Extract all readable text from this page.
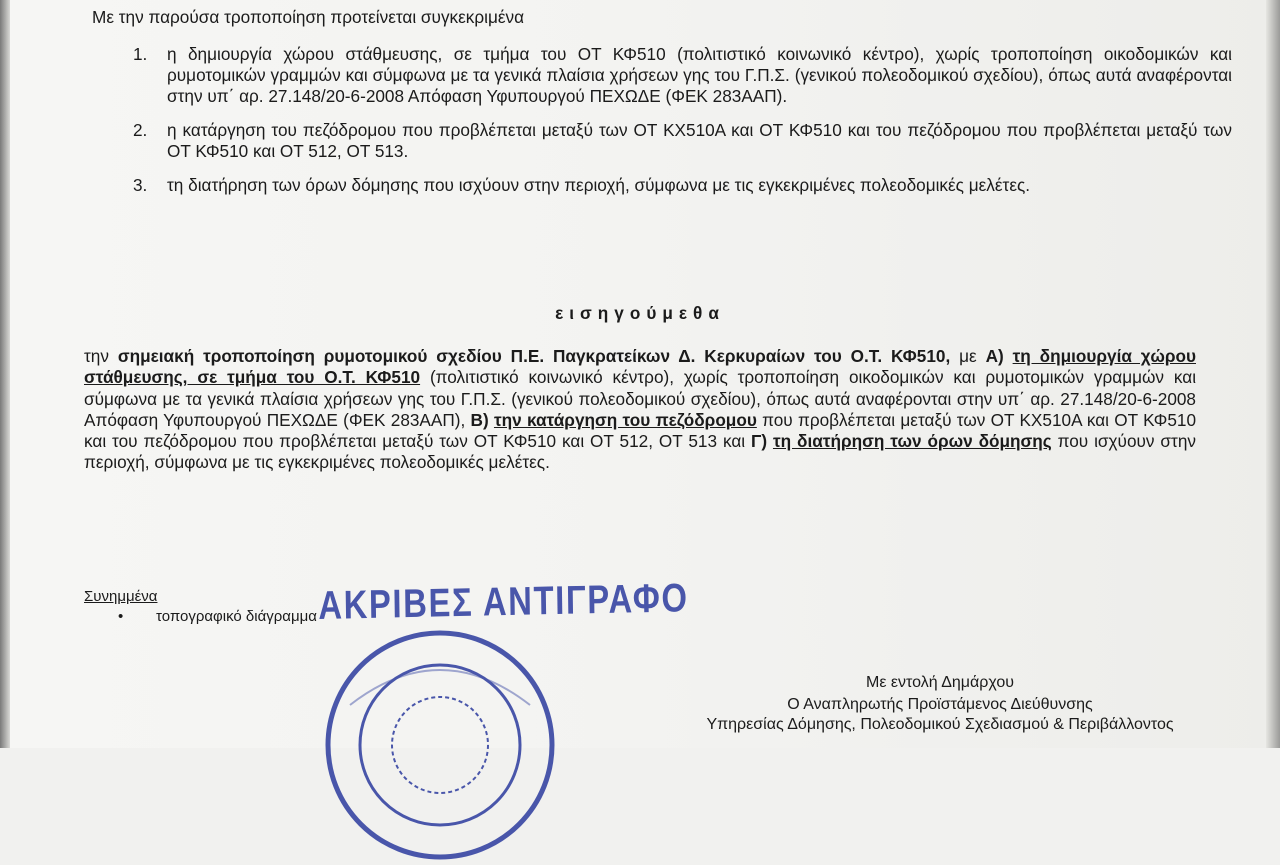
Με την παρούσα τροποποίηση προτείνεται συγκεκριμένα

1. η δημιουργία χώρου στάθμευσης, σε τμήμα του ΟΤ ΚΦ510 (πολιτιστικό κοινωνικό κέντρο), χωρίς τροποποίηση οικοδομικών και ρυμοτομικών γραμμών και σύμφωνα με τα γενικά πλαίσια χρήσεων γης του Γ.Π.Σ. (γενικού πολεοδομικού σχεδίου), όπως αυτά αναφέρονται στην υπ΄ αρ. 27.148/20-6-2008 Απόφαση Υφυπουργού ΠΕΧΩΔΕ (ΦΕΚ 283ΑΑΠ).
2. η κατάργηση του πεζόδρομου που προβλέπεται μεταξύ των ΟΤ ΚΧ510Α και ΟΤ ΚΦ510 και του πεζόδρομου που προβλέπεται μεταξύ των ΟΤ ΚΦ510 και ΟΤ 512, ΟΤ 513.
3. τη διατήρηση των όρων δόμησης που ισχύουν στην περιοχή, σύμφωνα με τις εγκεκριμένες πολεοδομικές μελέτες.
εισηγούμεθα

την σημειακή τροποποίηση ρυμοτομικού σχεδίου Π.Ε. Παγκρατείκων Δ. Κερκυραίων του Ο.Τ. ΚΦ510, με Α) τη δημιουργία χώρου στάθμευσης, σε τμήμα του Ο.Τ. ΚΦ510 (πολιτιστικό κοινωνικό κέντρο), χωρίς τροποποίηση οικοδομικών και ρυμοτομικών γραμμών και σύμφωνα με τα γενικά πλαίσια χρήσεων γης του Γ.Π.Σ. (γενικού πολεοδομικού σχεδίου), όπως αυτά αναφέρονται στην υπ΄ αρ. 27.148/20-6-2008 Απόφαση Υφυπουργού ΠΕΧΩΔΕ (ΦΕΚ 283ΑΑΠ), Β) την κατάργηση του πεζόδρομου που προβλέπεται μεταξύ των ΟΤ ΚΧ510Α και ΟΤ ΚΦ510 και του πεζόδρομου που προβλέπεται μεταξύ των ΟΤ ΚΦ510 και ΟΤ 512, ΟΤ 513 και Γ) τη διατήρηση των όρων δόμησης που ισχύουν στην περιοχή, σύμφωνα με τις εγκεκριμένες πολεοδομικές μελέτες.

Συνημμένα

• τοπογραφικό διάγραμμα ΑΚΡΙΒΕΣ ΑΝΤΙΓΡΑΦΟ

Με εντολή Δημάρχου

Ο Αναπληρωτής Προϊστάμενος Διεύθυνσης

Υπηρεσίας Δόμησης, Πολεοδομικού Σχεδιασμού & Περιβάλλοντος
